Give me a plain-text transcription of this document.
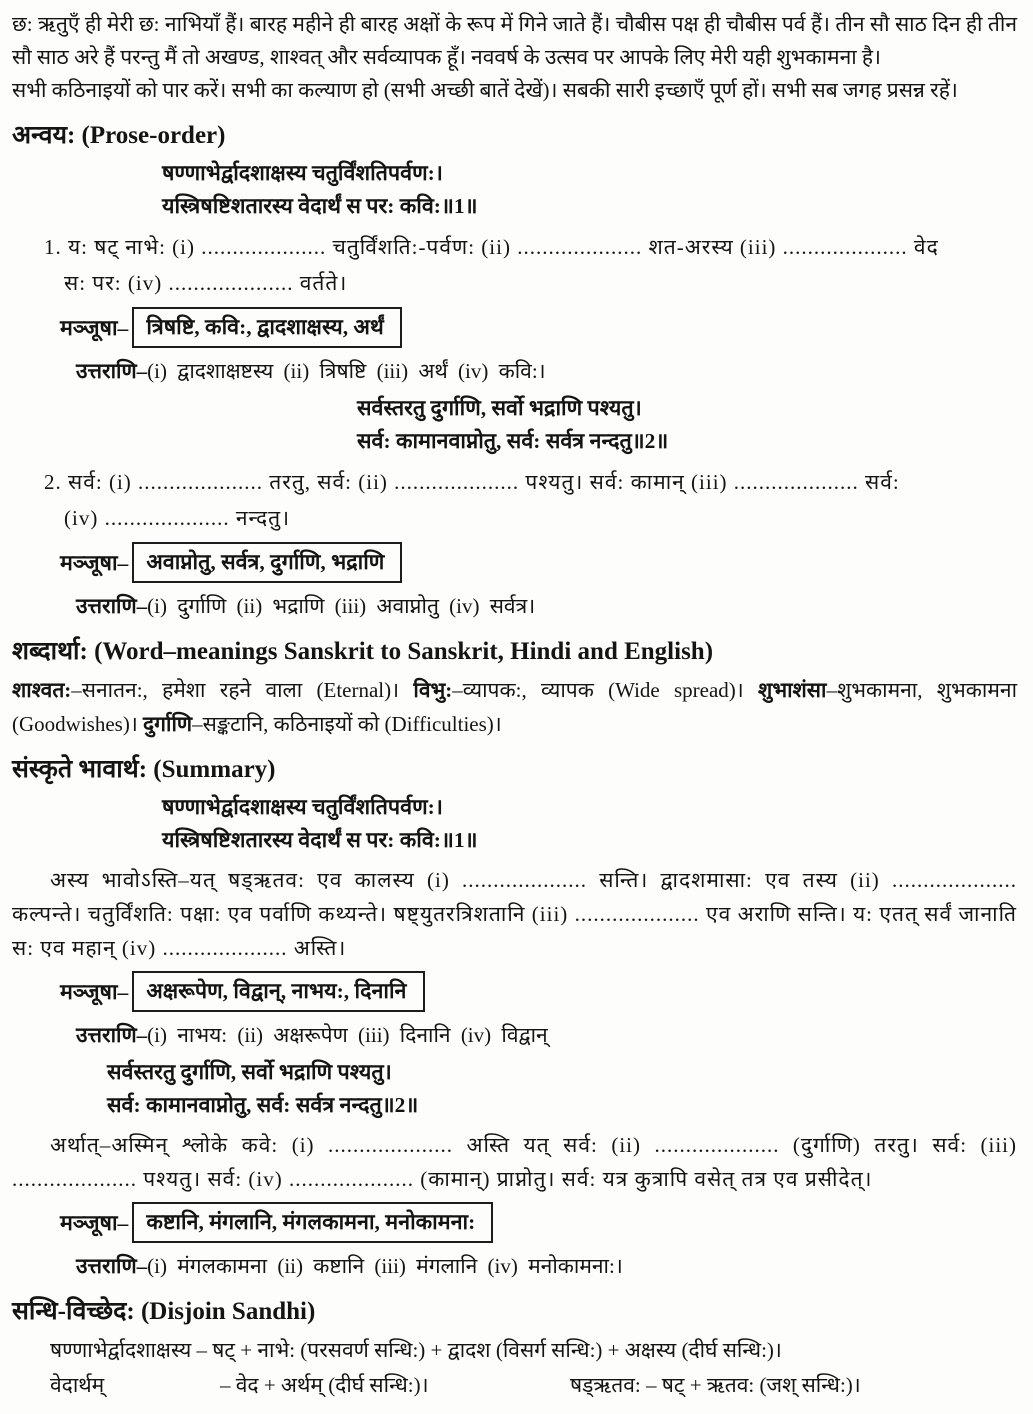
छ: ऋतुएँ ही मेरी छ: नाभियाँ हैं। बारह महीने ही बारह अक्षों के रूप में गिने जाते हैं। चौबीस पक्ष ही चौबीस पर्व हैं। तीन सौ साठ दिन ही तीन सौ साठ अरे हैं परन्तु मैं तो अखण्ड, शाश्वत् और सर्वव्यापक हूँ। नववर्ष के उत्सव पर आपके लिए मेरी यही शुभकामना है।

सभी कठिनाइयों को पार करें। सभी का कल्याण हो (सभी अच्छी बातें देखें)। सबकी सारी इच्छाएँ पूर्ण हों। सभी सब जगह प्रसन्न रहें।

अन्वय: (Prose-order)
षण्णाभेर्द्वादशाक्षस्य चतुर्विंशतिपर्वण:।
यस्त्रिषष्टिशतारस्य वेदार्थं स पर: कवि:॥1॥
1. य: षट् नाभे: (i) .................... चतुर्विंशति:-पर्वण: (ii) .................... शत-अरस्य (iii) .................... वेद
स: पर: (iv) .................... वर्तते।
मञ्जूषा– त्रिषष्टि, कवि:, द्वादशाक्षस्य, अर्थं
उत्तराणि–(i) द्वादशाक्षष्टस्य (ii) त्रिषष्टि (iii) अर्थं (iv) कवि:।
सर्वस्तरतु दुर्गाणि, सर्वो भद्राणि पश्यतु।
सर्व: कामानवाप्नोतु, सर्व: सर्वत्र नन्दतु॥2॥
2. सर्व: (i) .................... तरतु, सर्व: (ii) .................... पश्यतु। सर्व: कामान् (iii) .................... सर्व:
(iv) .................... नन्दतु।
मञ्जूषा– अवाप्नोतु, सर्वत्र, दुर्गाणि, भद्राणि
उत्तराणि–(i) दुर्गाणि (ii) भद्राणि (iii) अवाप्नोतु (iv) सर्वत्र।
शब्दार्था: (Word–meanings Sanskrit to Sanskrit, Hindi and English)

शाश्वत:–सनातन:, हमेशा रहने वाला (Eternal)। विभु:–व्यापक:, व्यापक (Wide spread)। शुभाशंसा–शुभकामना, शुभकामना (Goodwishes)। दुर्गाणि–सङ्कटानि, कठिनाइयों को (Difficulties)।

संस्कृते भावार्थ: (Summary)
षण्णाभेर्द्वादशाक्षस्य चतुर्विंशतिपर्वण:।
यस्त्रिषष्टिशतारस्य वेदार्थं स पर: कवि:॥1॥

अस्य भावोऽस्ति–यत् षड्ऋतव: एव कालस्य (i) .................... सन्ति। द्वादशमासा: एव तस्य (ii) .................... कल्पन्ते। चतुर्विंशति: पक्षा: एव पर्वाणि कथ्यन्ते। षष्ट्युतरत्रिशतानि (iii) .................... एव अराणि सन्ति। य: एतत् सर्वं जानाति स: एव महान् (iv) .................... अस्ति।

मञ्जूषा– अक्षरूपेण, विद्वान्, नाभय:, दिनानि
उत्तराणि–(i) नाभय: (ii) अक्षरूपेण (iii) दिनानि (iv) विद्वान्
सर्वस्तरतु दुर्गाणि, सर्वो भद्राणि पश्यतु।
सर्व: कामानवाप्नोतु, सर्व: सर्वत्र नन्दतु॥2॥

अर्थात्–अस्मिन् श्लोके कवे: (i) .................... अस्ति यत् सर्व: (ii) .................... (दुर्गाणि) तरतु। सर्व: (iii) .................... पश्यतु। सर्व: (iv) .................... (कामान्) प्राप्नोतु। सर्व: यत्र कुत्रापि वसेत् तत्र एव प्रसीदेत्।

मञ्जूषा– कष्टानि, मंगलानि, मंगलकामना, मनोकामना:
उत्तराणि–(i) मंगलकामना (ii) कष्टानि (iii) मंगलानि (iv) मनोकामना:।
सन्धि-विच्छेद: (Disjoin Sandhi)
षण्णाभेर्द्वादशाक्षस्य – षट् + नाभे: (परसवर्ण सन्धि:) + द्वादश (विसर्ग सन्धि:) + अक्षस्य (दीर्घ सन्धि:)।
वेदार्थम्	– वेद + अर्थम् (दीर्घ सन्धि:)।	षड्ऋतव: – षट् + ऋतव: (जश् सन्धि:)।
